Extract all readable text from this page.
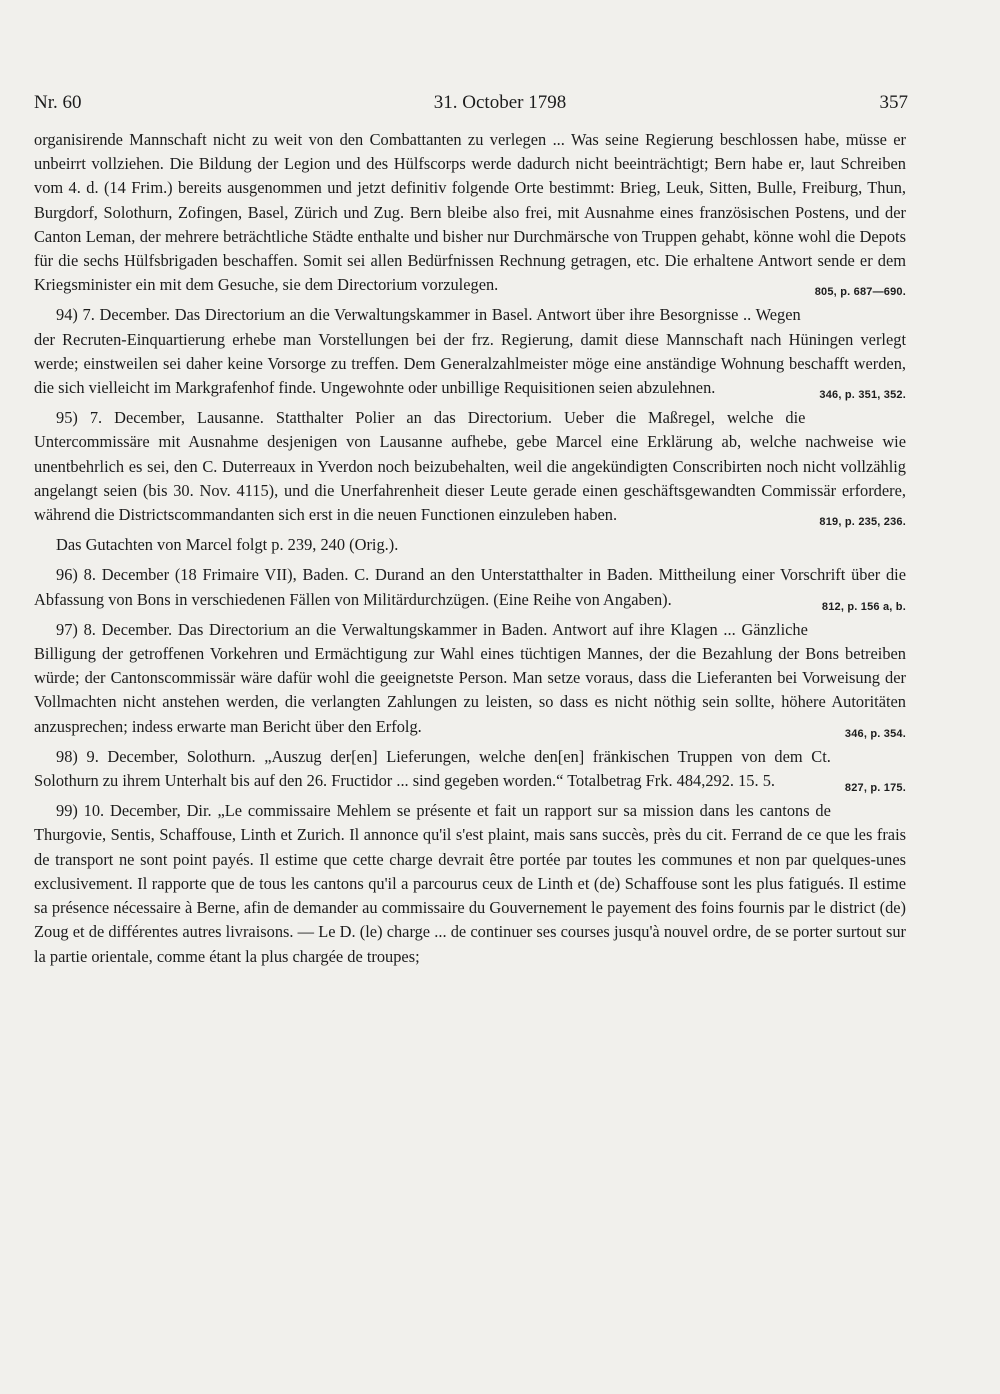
Nr. 60	31. October 1798	357

organisirende Mannschaft nicht zu weit von den Combattanten zu verlegen ... Was seine Regierung beschlossen habe, müsse er unbeirrt vollziehen. Die Bildung der Legion und des Hülfscorps werde dadurch nicht beeinträchtigt; Bern habe er, laut Schreiben vom 4. d. (14 Frim.) bereits ausgenommen und jetzt definitiv folgende Orte bestimmt: Brieg, Leuk, Sitten, Bulle, Freiburg, Thun, Burgdorf, Solothurn, Zofingen, Basel, Zürich und Zug. Bern bleibe also frei, mit Ausnahme eines französischen Postens, und der Canton Leman, der mehrere beträchtliche Städte enthalte und bisher nur Durchmärsche von Truppen gehabt, könne wohl die Depots für die sechs Hülfsbrigaden beschaffen. Somit sei allen Bedürfnissen Rechnung getragen, etc. Die erhaltene Antwort sende er dem Kriegsminister ein mit dem Gesuche, sie dem Directorium vorzulegen.	805, p. 687—690.

94) 7. December. Das Directorium an die Verwaltungskammer in Basel. Antwort über ihre Besorgnisse .. Wegen der Recruten-Einquartierung erhebe man Vorstellungen bei der frz. Regierung, damit diese Mannschaft nach Hüningen verlegt werde; einstweilen sei daher keine Vorsorge zu treffen. Dem Generalzahlmeister möge eine anständige Wohnung beschafft werden, die sich vielleicht im Markgrafenhof finde. Ungewohnte oder unbillige Requisitionen seien abzulehnen.	346, p. 351, 352.

95) 7. December, Lausanne. Statthalter Polier an das Directorium. Ueber die Maßregel, welche die Untercommissäre mit Ausnahme desjenigen von Lausanne aufhebe, gebe Marcel eine Erklärung ab, welche nachweise wie unentbehrlich es sei, den C. Duterreaux in Yverdon noch beizubehalten, weil die angekündigten Conscribirten noch nicht vollzählig angelangt seien (bis 30. Nov. 4115), und die Unerfahrenheit dieser Leute gerade einen geschäftsgewandten Commissär erfordere, während die Districtscommandanten sich erst in die neuen Functionen einzuleben haben.	819, p. 235, 236.

Das Gutachten von Marcel folgt p. 239, 240 (Orig.).

96) 8. December (18 Frimaire VII), Baden. C. Durand an den Unterstatthalter in Baden. Mittheilung einer Vorschrift über die Abfassung von Bons in verschiedenen Fällen von Militärdurchzügen. (Eine Reihe von Angaben).	812, p. 156 a, b.

97) 8. December. Das Directorium an die Verwaltungskammer in Baden. Antwort auf ihre Klagen ... Gänzliche Billigung der getroffenen Vorkehren und Ermächtigung zur Wahl eines tüchtigen Mannes, der die Bezahlung der Bons betreiben würde; der Cantonscommissär wäre dafür wohl die geeignetste Person. Man setze voraus, dass die Lieferanten bei Vorweisung der Vollmachten nicht anstehen werden, die verlangten Zahlungen zu leisten, so dass es nicht nöthig sein sollte, höhere Autoritäten anzusprechen; indess erwarte man Bericht über den Erfolg.	346, p. 354.

98) 9. December, Solothurn. „Auszug der[en] Lieferungen, welche den[en] fränkischen Truppen von dem Ct. Solothurn zu ihrem Unterhalt bis auf den 26. Fructidor ... sind gegeben worden.“ Totalbetrag Frk. 484,292. 15. 5.	827, p. 175.

99) 10. December, Dir. „Le commissaire Mehlem se présente et fait un rapport sur sa mission dans les cantons de Thurgovie, Sentis, Schaffouse, Linth et Zurich. Il annonce qu'il s'est plaint, mais sans succès, près du cit. Ferrand de ce que les frais de transport ne sont point payés. Il estime que cette charge devrait être portée par toutes les communes et non par quelques-unes exclusivement. Il rapporte que de tous les cantons qu'il a parcourus ceux de Linth et (de) Schaffouse sont les plus fatigués. Il estime sa présence nécessaire à Berne, afin de demander au commissaire du Gouvernement le payement des foins fournis par le district (de) Zoug et de différentes autres livraisons. — Le D. (le) charge ... de continuer ses courses jusqu'à nouvel ordre, de se porter surtout sur la partie orientale, comme étant la plus chargée de troupes;
